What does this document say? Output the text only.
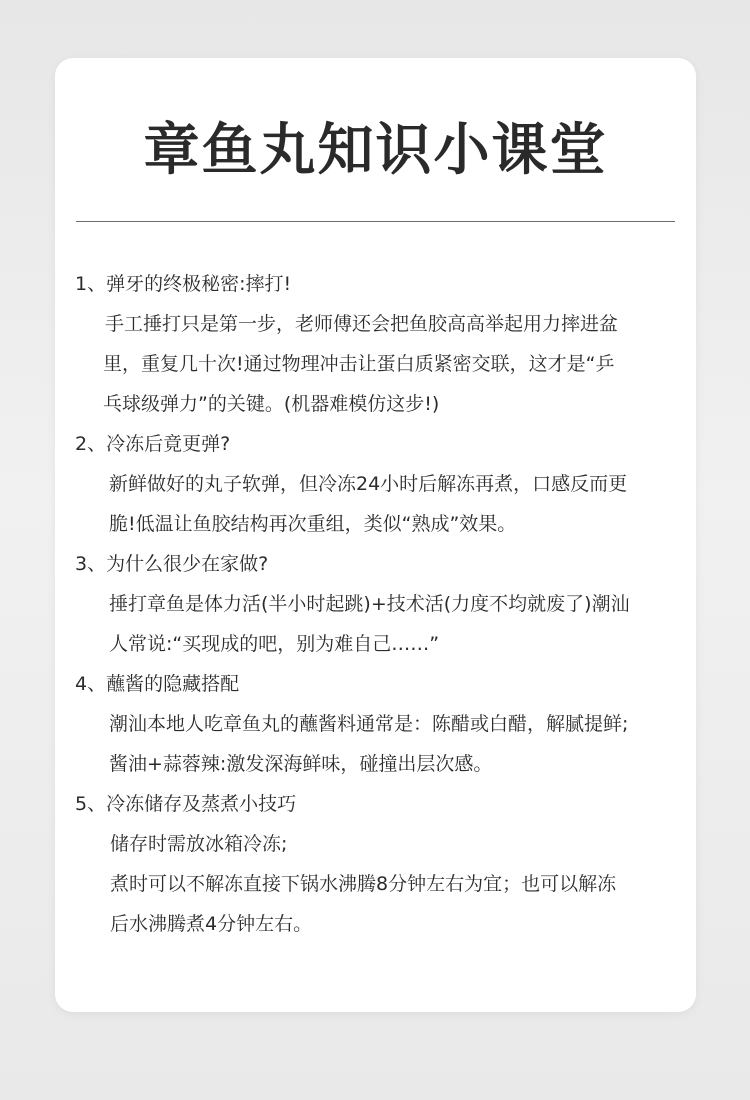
章鱼丸知识小课堂
1、弹牙的终极秘密:摔打!
手工捶打只是第一步，老师傅还会把鱼胶高高举起用力摔进盆
里，重复几十次!通过物理冲击让蛋白质紧密交联，这才是“乒
乓球级弹力”的关键。(机器难模仿这步!)
2、冷冻后竟更弹?
新鲜做好的丸子软弹，但冷冻24小时后解冻再煮，口感反而更
脆!低温让鱼胶结构再次重组，类似“熟成”效果。
3、为什么很少在家做?
捶打章鱼是体力活(半小时起跳)+技术活(力度不均就废了)潮汕
人常说:“买现成的吧，别为难自己……”
4、蘸酱的隐藏搭配
潮汕本地人吃章鱼丸的蘸酱料通常是：陈醋或白醋，解腻提鲜;
酱油+蒜蓉辣:激发深海鲜味，碰撞出层次感。
5、冷冻储存及蒸煮小技巧
储存时需放冰箱冷冻;
煮时可以不解冻直接下锅水沸腾8分钟左右为宜；也可以解冻
后水沸腾煮4分钟左右。
